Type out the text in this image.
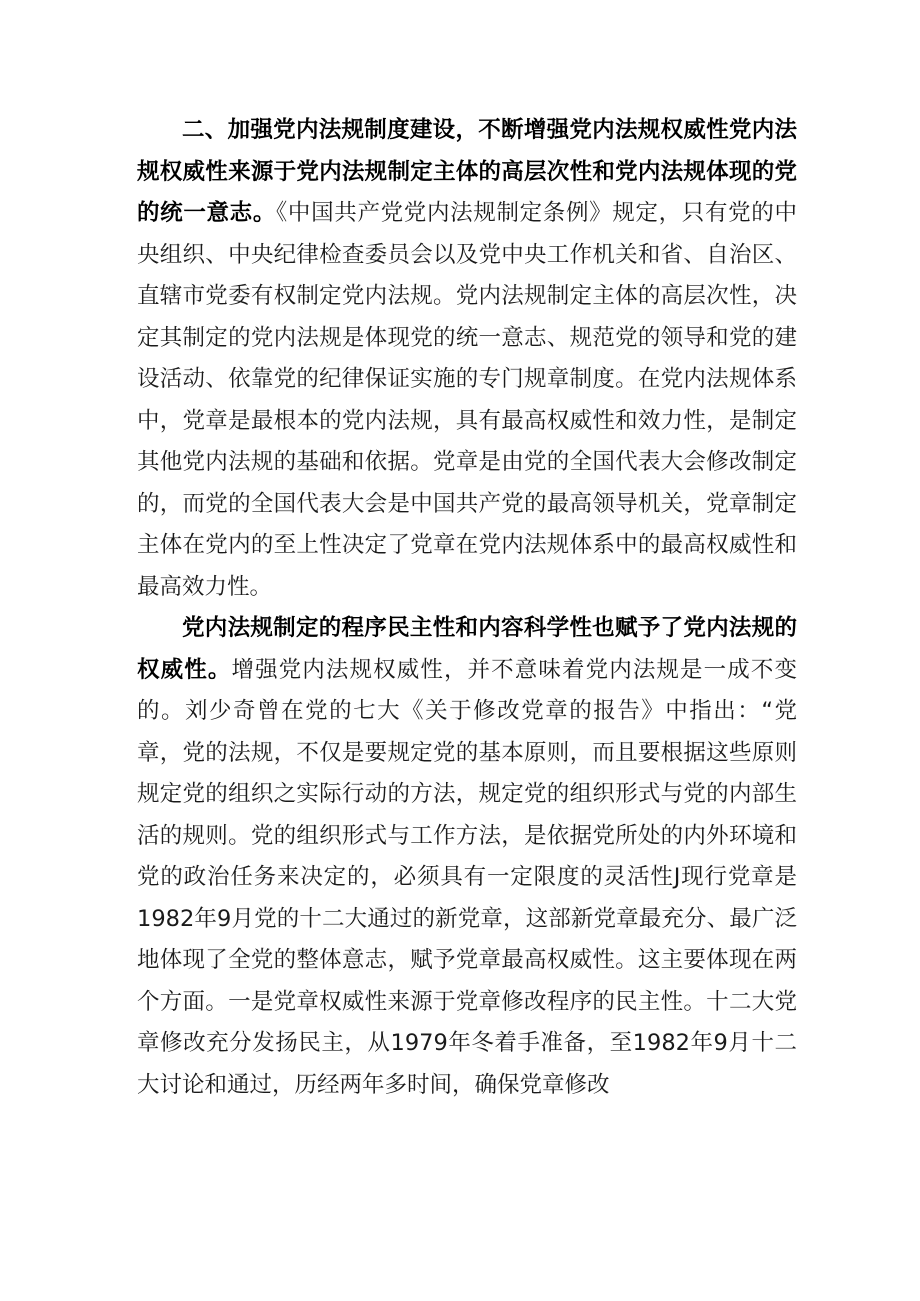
二、加强党内法规制度建设，不断增强党内法规权威性党内法规权威性来源于党内法规制定主体的高层次性和党内法规体现的党的统一意志。《中国共产党党内法规制定条例》规定，只有党的中央组织、中央纪律检查委员会以及党中央工作机关和省、自治区、直辖市党委有权制定党内法规。党内法规制定主体的高层次性，决定其制定的党内法规是体现党的统一意志、规范党的领导和党的建设活动、依靠党的纪律保证实施的专门规章制度。在党内法规体系中，党章是最根本的党内法规，具有最高权威性和效力性，是制定其他党内法规的基础和依据。党章是由党的全国代表大会修改制定的，而党的全国代表大会是中国共产党的最高领导机关，党章制定主体在党内的至上性决定了党章在党内法规体系中的最高权威性和最高效力性。

党内法规制定的程序民主性和内容科学性也赋予了党内法规的权威性。增强党内法规权威性，并不意味着党内法规是一成不变的。刘少奇曾在党的七大《关于修改党章的报告》中指出：“党章，党的法规，不仅是要规定党的基本原则，而且要根据这些原则规定党的组织之实际行动的方法，规定党的组织形式与党的内部生活的规则。党的组织形式与工作方法，是依据党所处的内外环境和党的政治任务来决定的，必须具有一定限度的灵活性J现行党章是1982年9月党的十二大通过的新党章，这部新党章最充分、最广泛地体现了全党的整体意志，赋予党章最高权威性。这主要体现在两个方面。一是党章权威性来源于党章修改程序的民主性。十二大党章修改充分发扬民主，从1979年冬着手准备，至1982年9月十二大讨论和通过，历经两年多时间，确保党章修改
